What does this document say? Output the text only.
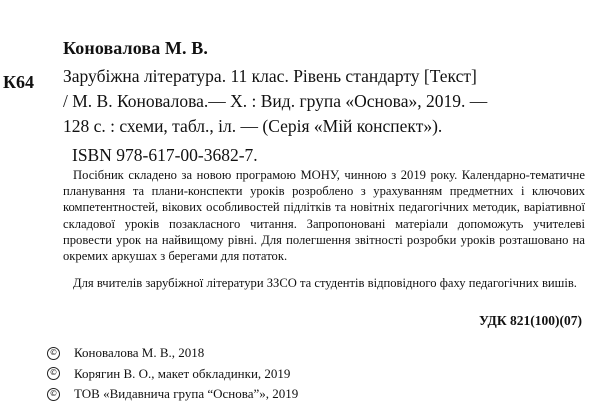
Коновалова М. В.
К64 Зарубіжна література. 11 клас. Рівень стандарту [Текст]
/ М. В. Коновалова.— Х. : Вид. група «Основа», 2019. —
128 с. : схеми, табл., іл. — (Серія «Мій конспект»).
ISBN 978-617-00-3682-7.

Посібник складено за новою програмою МОНУ, чинною з 2019 року. Календарно-тематичне планування та плани-конспекти уроків розроблено з урахуванням предметних і ключових компетентностей, вікових особливостей підлітків та новітніх педагогічних методик, варіативної складової уроків позакласного читання. Запропоновані матеріали допоможуть учителеві провести урок на найвищому рівні. Для полегшення звітності розробки уроків розташовано на окремих аркушах з берегами для потаток.

Для вчителів зарубіжної літератури ЗЗСО та студентів відповідного фаху педагогічних вишів.

УДК 821(100)(07)
© Коновалова М. В., 2018
© Корягин В. О., макет обкладинки, 2019
© ТОВ «Видавнича група “Основа”», 2019
